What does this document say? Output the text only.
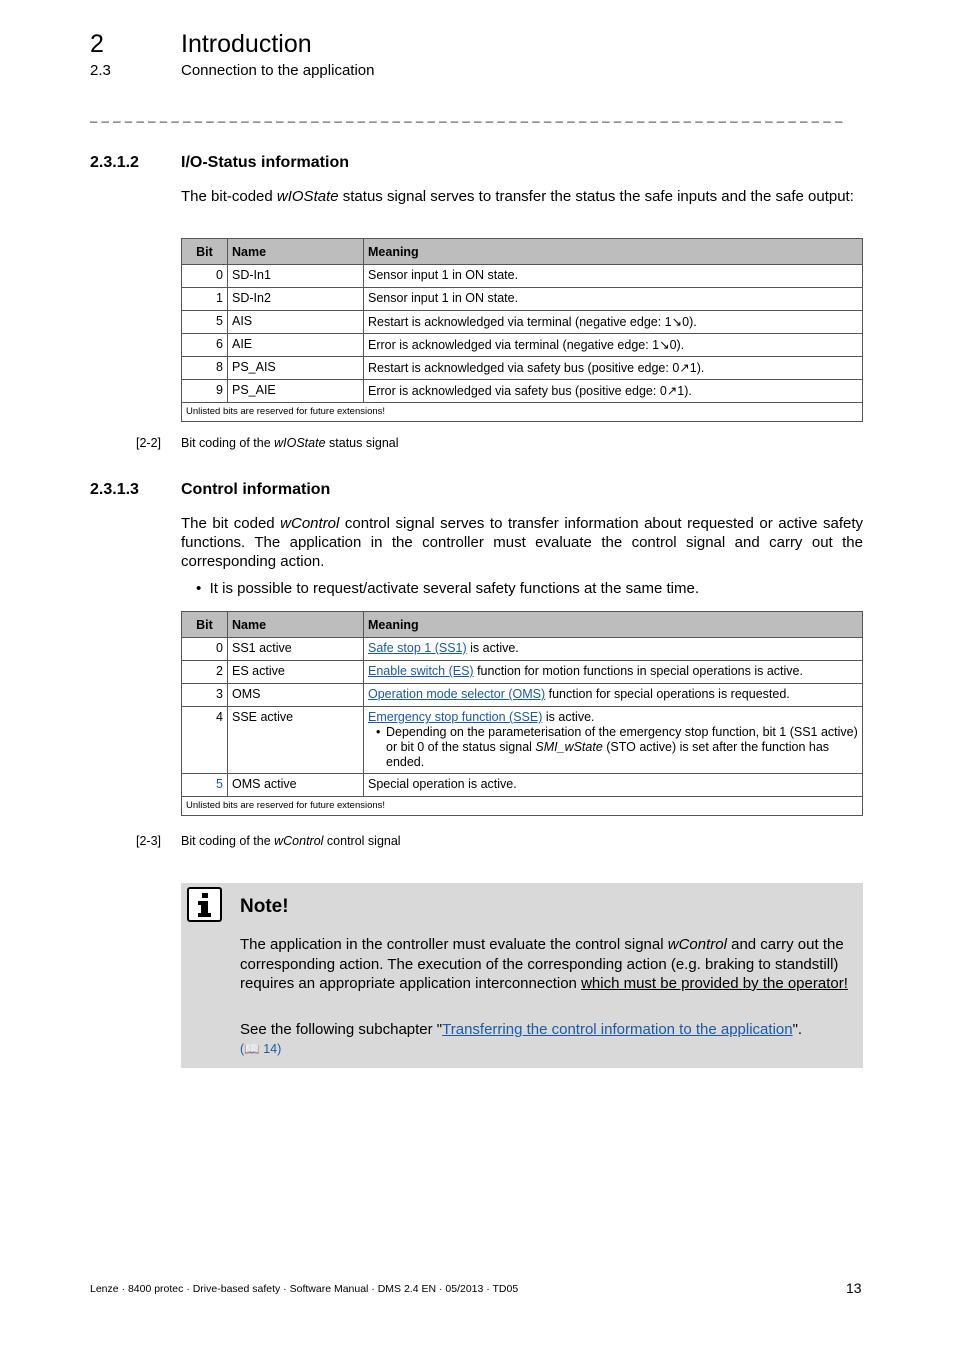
2	Introduction
2.3	Connection to the application
_ _ _ _ _ _ _ _ _ _ _ _ _ _ _ _ _ _ _ _ _ _ _ _ _ _ _ _ _ _ _ _ _ _ _ _ _ _ _ _ _ _ _ _ _ _ _ _ _ _ _ _ _ _ _ _ _ _ _ _ _ _ _ _ _
2.3.1.2	I/O-Status information
The bit-coded wIOState status signal serves to transfer the status the safe inputs and the safe output:
Bit	Name	Meaning
0	SD-In1	Sensor input 1 in ON state.
1	SD-In2	Sensor input 1 in ON state.
5	AIS	Restart is acknowledged via terminal (negative edge: 1↘0).
6	AIE	Error is acknowledged via terminal (negative edge: 1↘0).
8	PS_AIS	Restart is acknowledged via safety bus (positive edge: 0↗1).
9	PS_AIE	Error is acknowledged via safety bus (positive edge: 0↗1).
Unlisted bits are reserved for future extensions!		
[2-2] Bit coding of the wIOState status signal
2.3.1.3	Control information
The bit coded wControl control signal serves to transfer information about requested or active safety functions. The application in the controller must evaluate the control signal and carry out the corresponding action.
• It is possible to request/activate several safety functions at the same time.
Bit	Name	Meaning
0	SS1 active	Safe stop 1 (SS1) is active.
2	ES active	Enable switch (ES) function for motion functions in special operations is active.
3	OMS	Operation mode selector (OMS) function for special operations is requested.
4	SSE active	Emergency stop function (SSE) is active.
• Depending on the parameterisation of the emergency stop function, bit 1 (SS1 active) or bit 0 of the status signal SMI_wState (STO active) is set after the function has ended.

5	OMS active	Special operation is active.
Unlisted bits are reserved for future extensions!		
[2-3] Bit coding of the wControl control signal
Note!
The application in the controller must evaluate the control signal wControl and carry out the corresponding action. The execution of the corresponding action (e.g. braking to standstill) requires an appropriate application interconnection which must be provided by the operator!
See the following subchapter "Transferring the control information to the application".
(📖 14)
Lenze · 8400 protec · Drive-based safety · Software Manual · DMS 2.4 EN · 05/2013 · TD05	13
